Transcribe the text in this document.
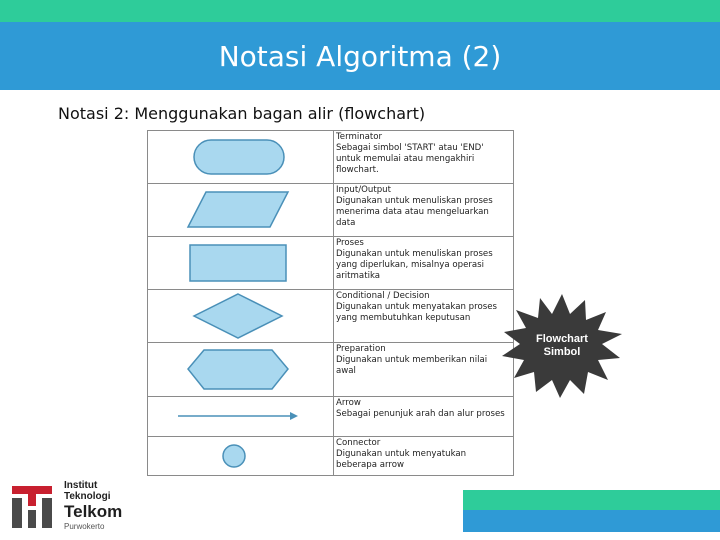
Notasi Algoritma (2)
Notasi 2: Menggunakan bagan alir (flowchart)
Terminator
Sebagai simbol 'START' atau 'END' untuk memulai atau mengakhiri flowchart.
Input/Output
Digunakan untuk menuliskan proses menerima data atau mengeluarkan data
Proses
Digunakan untuk menuliskan proses yang diperlukan, misalnya operasi aritmatika
Conditional / Decision
Digunakan untuk menyatakan proses yang membutuhkan keputusan
Preparation
Digunakan untuk memberikan nilai awal
Arrow
Sebagai penunjuk arah dan alur proses
Connector
Digunakan untuk menyatukan beberapa arrow
Flowchart
Simbol
Institut
Teknologi
Telkom
Purwokerto
